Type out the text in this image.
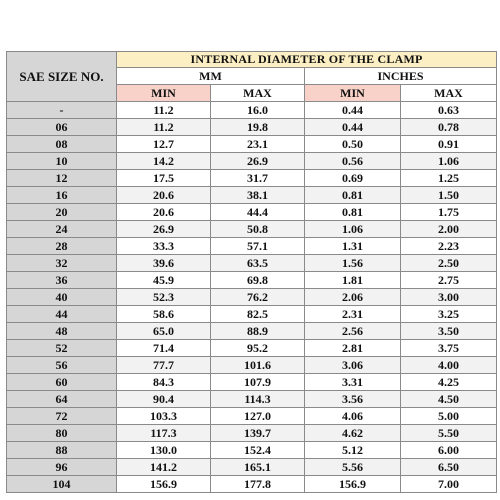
SAE SIZE NO.	INTERNAL DIAMETER OF THE CLAMP			
	MM		INCHES	
	MIN	MAX	MIN	MAX
-	11.2	16.0	0.44	0.63
06	11.2	19.8	0.44	0.78
08	12.7	23.1	0.50	0.91
10	14.2	26.9	0.56	1.06
12	17.5	31.7	0.69	1.25
16	20.6	38.1	0.81	1.50
20	20.6	44.4	0.81	1.75
24	26.9	50.8	1.06	2.00
28	33.3	57.1	1.31	2.23
32	39.6	63.5	1.56	2.50
36	45.9	69.8	1.81	2.75
40	52.3	76.2	2.06	3.00
44	58.6	82.5	2.31	3.25
48	65.0	88.9	2.56	3.50
52	71.4	95.2	2.81	3.75
56	77.7	101.6	3.06	4.00
60	84.3	107.9	3.31	4.25
64	90.4	114.3	3.56	4.50
72	103.3	127.0	4.06	5.00
80	117.3	139.7	4.62	5.50
88	130.0	152.4	5.12	6.00
96	141.2	165.1	5.56	6.50
104	156.9	177.8	156.9	7.00
